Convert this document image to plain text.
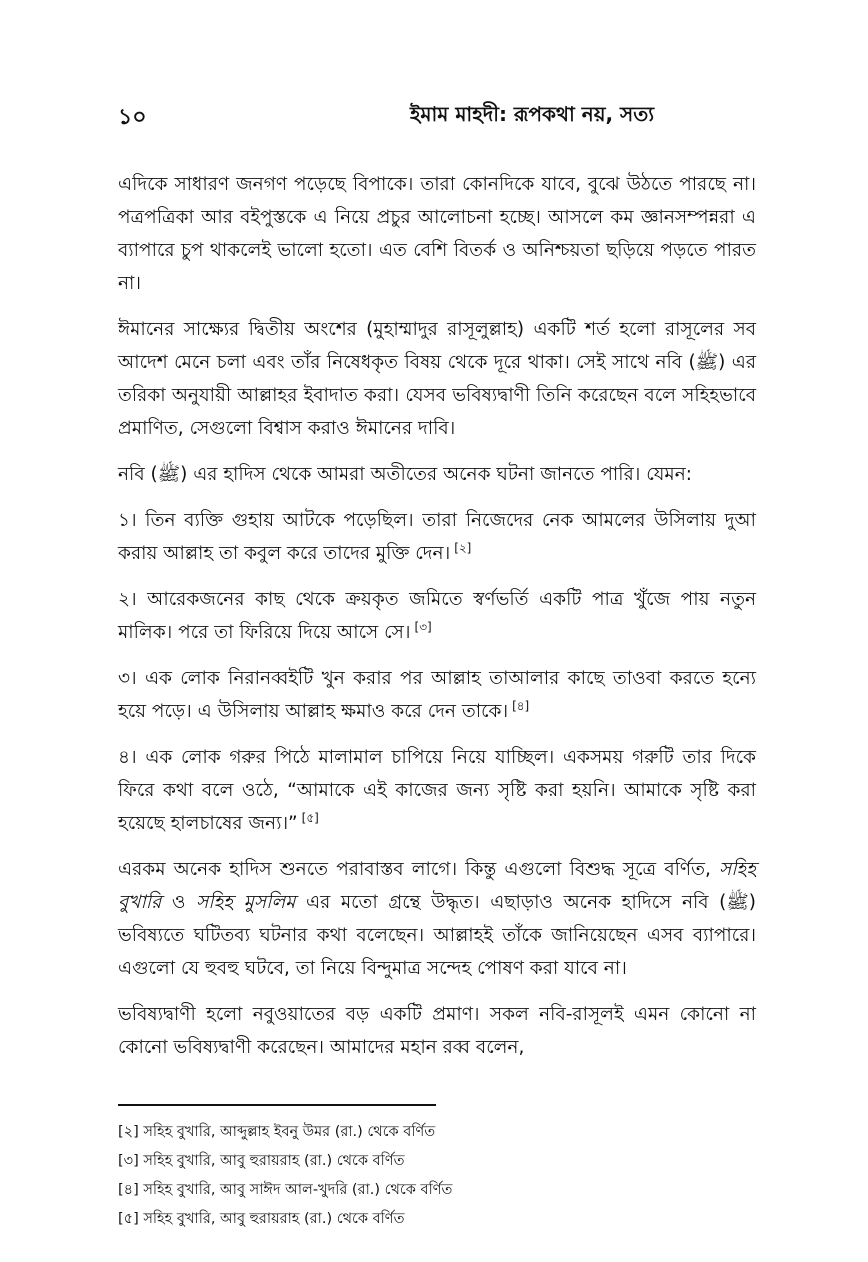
১০	ইমাম মাহদী: রূপকথা নয়, সত্য

এদিকে সাধারণ জনগণ পড়েছে বিপাকে। তারা কোনদিকে যাবে, বুঝে উঠতে পারছে না। পত্রপত্রিকা আর বইপুস্তকে এ নিয়ে প্রচুর আলোচনা হচ্ছে। আসলে কম জ্ঞানসম্পন্নরা এ ব্যাপারে চুপ থাকলেই ভালো হতো। এত বেশি বিতর্ক ও অনিশ্চয়তা ছড়িয়ে পড়তে পারত না।

ঈমানের সাক্ষ্যের দ্বিতীয় অংশের (মুহাম্মাদুর রাসূলুল্লাহ) একটি শর্ত হলো রাসূলের সব আদেশ মেনে চলা এবং তাঁর নিষেধকৃত বিষয় থেকে দূরে থাকা। সেই সাথে নবি (ﷺ) এর তরিকা অনুযায়ী আল্লাহর ইবাদাত করা। যেসব ভবিষ্যদ্বাণী তিনি করেছেন বলে সহিহভাবে প্রমাণিত, সেগুলো বিশ্বাস করাও ঈমানের দাবি।

নবি (ﷺ) এর হাদিস থেকে আমরা অতীতের অনেক ঘটনা জানতে পারি। যেমন:

১। তিন ব্যক্তি গুহায় আটকে পড়েছিল। তারা নিজেদের নেক আমলের উসিলায় দুআ করায় আল্লাহ তা কবুল করে তাদের মুক্তি দেন। [২]

২। আরেকজনের কাছ থেকে ক্রয়কৃত জমিতে স্বর্ণভর্তি একটি পাত্র খুঁজে পায় নতুন মালিক। পরে তা ফিরিয়ে দিয়ে আসে সে। [৩]

৩। এক লোক নিরানব্বইটি খুন করার পর আল্লাহ তাআলার কাছে তাওবা করতে হন্যে হয়ে পড়ে। এ উসিলায় আল্লাহ ক্ষমাও করে দেন তাকে। [৪]

৪। এক লোক গরুর পিঠে মালামাল চাপিয়ে নিয়ে যাচ্ছিল। একসময় গরুটি তার দিকে ফিরে কথা বলে ওঠে, “আমাকে এই কাজের জন্য সৃষ্টি করা হয়নি। আমাকে সৃষ্টি করা হয়েছে হালচাষের জন্য।” [৫]

এরকম অনেক হাদিস শুনতে পরাবাস্তব লাগে। কিন্তু এগুলো বিশুদ্ধ সূত্রে বর্ণিত, সহিহ বুখারি ও সহিহ মুসলিম এর মতো গ্রন্থে উদ্ধৃত। এছাড়াও অনেক হাদিসে নবি (ﷺ) ভবিষ্যতে ঘটিতব্য ঘটনার কথা বলেছেন। আল্লাহই তাঁকে জানিয়েছেন এসব ব্যাপারে। এগুলো যে হুবহু ঘটবে, তা নিয়ে বিন্দুমাত্র সন্দেহ পোষণ করা যাবে না।

ভবিষ্যদ্বাণী হলো নবুওয়াতের বড় একটি প্রমাণ। সকল নবি-রাসূলই এমন কোনো না কোনো ভবিষ্যদ্বাণী করেছেন। আমাদের মহান রব্ব বলেন,

[২] সহিহ বুখারি, আব্দুল্লাহ ইবনু উমর (রা.) থেকে বর্ণিত
[৩] সহিহ বুখারি, আবু হুরায়রাহ (রা.) থেকে বর্ণিত
[৪] সহিহ বুখারি, আবু সাঈদ আল-খুদরি (রা.) থেকে বর্ণিত
[৫] সহিহ বুখারি, আবু হুরায়রাহ (রা.) থেকে বর্ণিত
